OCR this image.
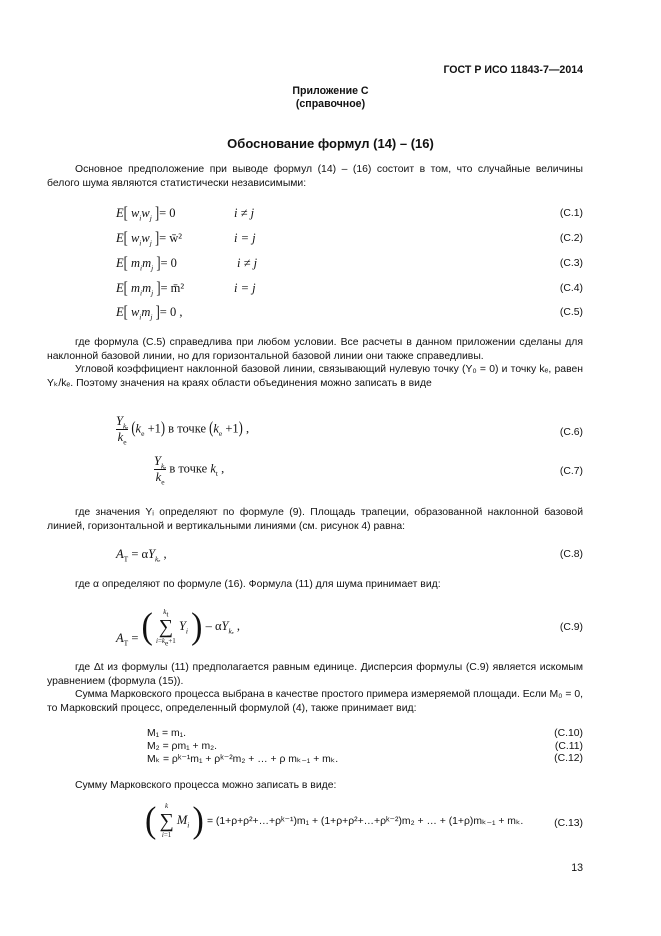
ГОСТ Р ИСО 11843-7—2014
Приложение С
(справочное)
Обоснование формул (14) – (16)

Основное предположение при выводе формул (14) – (16) состоит в том, что случайные величины белого шума являются статистически независимыми:

E[ $w_iw_j$ ]= 0	i ≠ j	(С.1)
E[ $w_iw_j$ ]= w̄²	i = j	(С.2)
E[ $m_im_j$ ]= 0	i ≠ j	(С.3)
E[ $m_im_j$ ]= m̄²	i = j	(С.4)
E[ $w_im_j$ ]= 0 ,	(С.5)

где формула (С.5) справедлива при любом условии. Все расчеты в данном приложении сделаны для наклонной базовой линии, но для горизонтальной базовой линии они также справедливы.

Угловой коэффициент наклонной базовой линии, связывающий нулевую точку (Y₀ = 0) и точку kₑ, равен Yₖ/kₑ. Поэтому значения на краях области объединения можно записать в виде

$\frac{Y_{k_e}}{k_e} (k_e +1)$ в точке $(k_e +1)$ ,	(С.6)
$\frac{Y_{k_e}}{k_e}$ в точке $k_t$ ,	(С.7)

где значения Yᵢ определяют по формуле (9). Площадь трапеции, образованной наклонной базовой линией, горизонтальной и вертикальными линиями (см. рисунок 4) равна:

$A_T = \alpha Y_{k_e}$ ,	(С.8)

где α определяют по формуле (16). Формула (11) для шума принимает вид:

$A_T$ = (	$k_t$
∑
$i=k_e+1$
$Y_i$ ) – $\alpha Y_{k_e}$ ,	(С.9)

где Δt из формулы (11) предполагается равным единице. Дисперсия формулы (С.9) является искомым уравнением (формула (15)).

Сумма Марковского процесса выбрана в качестве простого примера измеряемой площади. Если M₀ = 0, то Марковский процесс, определенный формулой (4), также принимает вид:

M₁ = m₁.	(С.10)
M₂ = ρm₁ + m₂.	(С.11)
Mₖ = ρᵏ⁻¹m₁ + ρᵏ⁻²m₂ + … + ρ mₖ₋₁ + mₖ.	(С.12)

Сумму Марковского процесса можно записать в виде:

(	k
∑
i=1
$M_i$ ) = (1+ρ+ρ²+…+ρᵏ⁻¹)m₁ + (1+ρ+ρ²+…+ρᵏ⁻²)m₂ + … + (1+ρ)mₖ₋₁ + mₖ.	(С.13)
13
